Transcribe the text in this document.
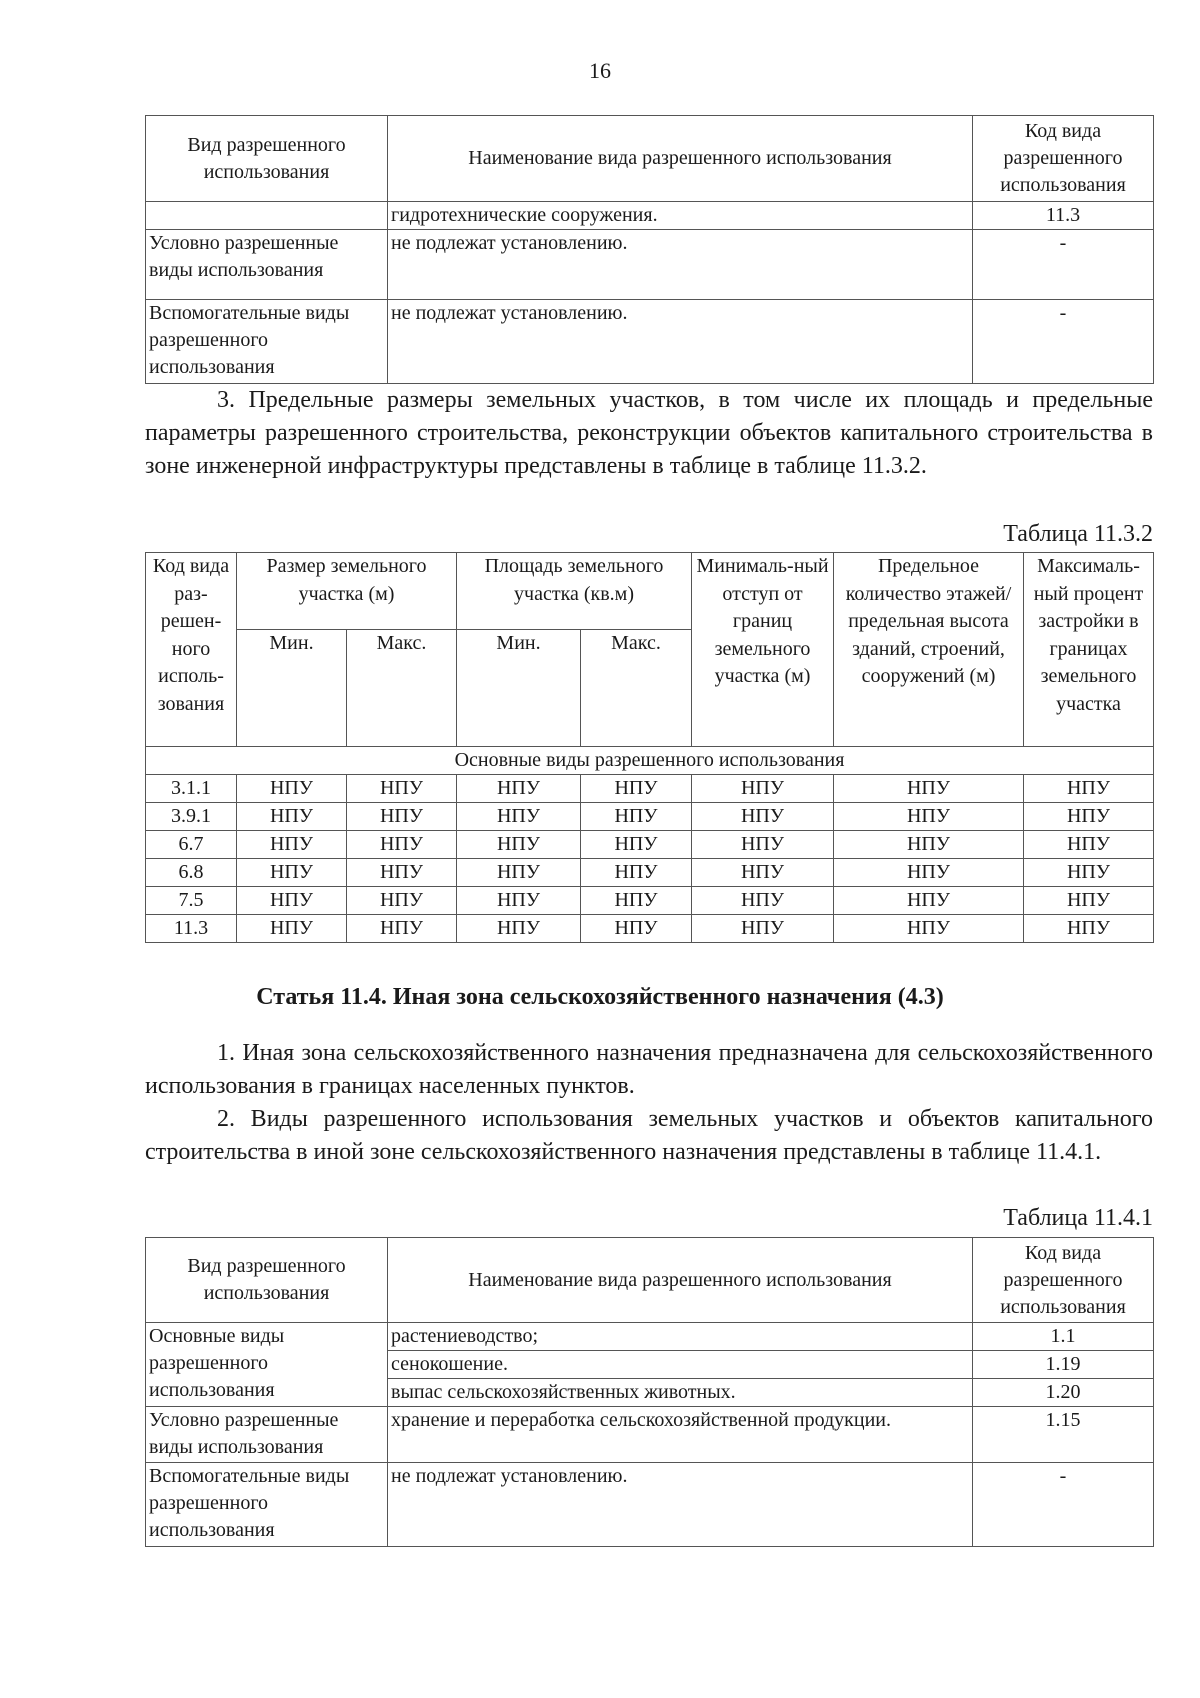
16
Вид разрешенного использования	Наименование вида разрешенного использования	Код вида разрешенного использования
	гидротехнические сооружения.	11.3
Условно разрешенные виды использования	не подлежат установлению.	-
Вспомогательные виды разрешенного использования	не подлежат установлению.	-

3. Предельные размеры земельных участков, в том числе их площадь и предельные параметры разрешенного строительства, реконструкции объектов капитального строительства в зоне инженерной инфраструктуры представлены в таблице в таблице 11.3.2.

Таблица 11.3.2

Код вида раз-решен-ного исполь-зования	Размер земельного участка (м)		Площадь земельного участка (кв.м)		Минималь-ный отступ от границ земельного участка (м)	Предельное количество этажей/ предельная высота зданий, строений, сооружений (м)	Максималь-ный процент застройки в границах земельного участка
	Мин.	Макс.	Мин.	Макс.			
Основные виды разрешенного использования							
3.1.1	НПУ	НПУ	НПУ	НПУ	НПУ	НПУ	НПУ
3.9.1	НПУ	НПУ	НПУ	НПУ	НПУ	НПУ	НПУ
6.7	НПУ	НПУ	НПУ	НПУ	НПУ	НПУ	НПУ
6.8	НПУ	НПУ	НПУ	НПУ	НПУ	НПУ	НПУ
7.5	НПУ	НПУ	НПУ	НПУ	НПУ	НПУ	НПУ
11.3	НПУ	НПУ	НПУ	НПУ	НПУ	НПУ	НПУ

Статья 11.4. Иная зона сельскохозяйственного назначения (4.3)

1. Иная зона сельскохозяйственного назначения предназначена для сельскохозяйственного использования в границах населенных пунктов.

2. Виды разрешенного использования земельных участков и объектов капитального строительства в иной зоне сельскохозяйственного назначения представлены в таблице 11.4.1.

Таблица 11.4.1

Вид разрешенного использования	Наименование вида разрешенного использования	Код вида разрешенного использования
Основные виды разрешенного использования	растениеводство;	1.1
	сенокошение.	1.19
	выпас сельскохозяйственных животных.	1.20
Условно разрешенные виды использования	хранение и переработка сельскохозяйственной продукции.	1.15
Вспомогательные виды разрешенного использования	не подлежат установлению.	-
